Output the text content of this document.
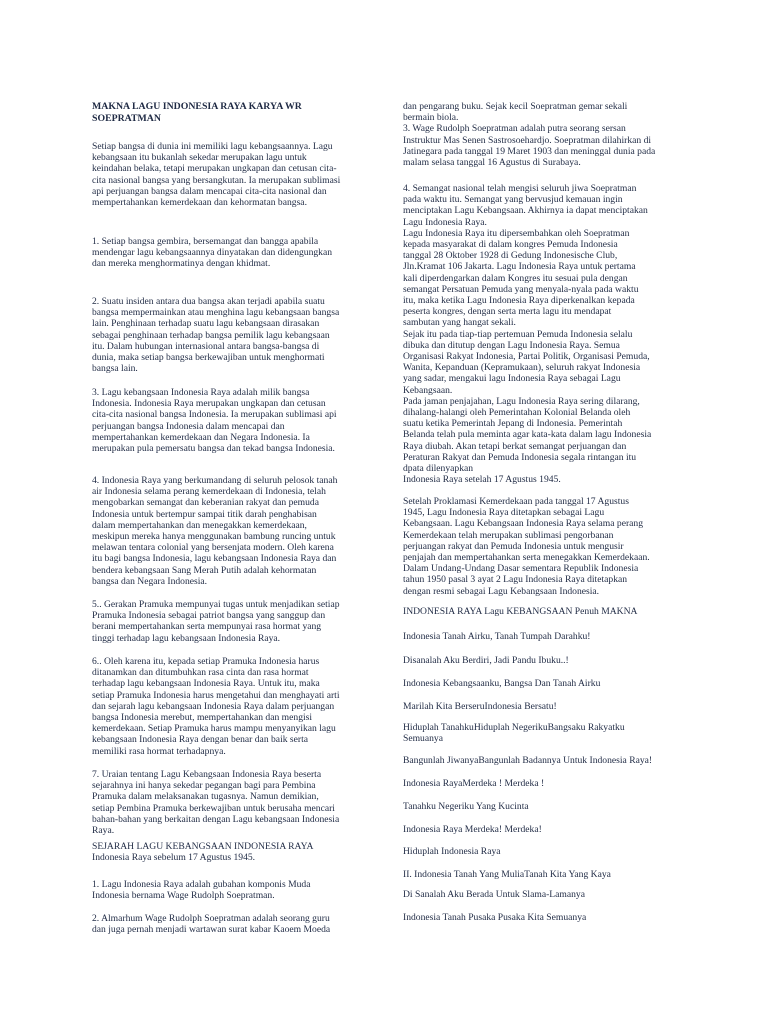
MAKNA LAGU INDONESIA RAYA KARYA WR
SOEPRATMAN

Setiap bangsa di dunia ini memiliki lagu kebangsaannya. Lagu
kebangsaan itu bukanlah sekedar merupakan lagu untuk
keindahan belaka, tetapi merupakan ungkapan dan cetusan cita-
cita nasional bangsa yang bersangkutan. Ia merupakan sublimasi
api perjuangan bangsa dalam mencapai cita-cita nasional dan
mempertahankan kemerdekaan dan kehormatan bangsa.

1. Setiap bangsa gembira, bersemangat dan bangga apabila
mendengar lagu kebangsaannya dinyatakan dan didengungkan
dan mereka menghormatinya dengan khidmat.

2. Suatu insiden antara dua bangsa akan terjadi apabila suatu
bangsa mempermainkan atau menghina lagu kebangsaan bangsa
lain. Penghinaan terhadap suatu lagu kebangsaan dirasakan
sebagai penghinaan terhadap bangsa pemilik lagu kebangsaan
itu. Dalam hubungan internasional antara bangsa-bangsa di
dunia, maka setiap bangsa berkewajiban untuk menghormati
bangsa lain.

3. Lagu kebangsaan Indonesia Raya adalah milik bangsa
Indonesia. Indonesia Raya merupakan ungkapan dan cetusan
cita-cita nasional bangsa Indonesia. Ia merupakan sublimasi api
perjuangan bangsa Indonesia dalam mencapai dan
mempertahankan kemerdekaan dan Negara Indonesia. Ia
merupakan pula pemersatu bangsa dan tekad bangsa Indonesia.

4. Indonesia Raya yang berkumandang di seluruh pelosok tanah
air Indonesia selama perang kemerdekaan di Indonesia, telah
mengobarkan semangat dan keberanian rakyat dan pemuda
Indonesia untuk bertempur sampai titik darah penghabisan
dalam mempertahankan dan menegakkan kemerdekaan,
meskipun mereka hanya menggunakan bambung runcing untuk
melawan tentara colonial yang bersenjata modern. Oleh karena
itu bagi bangsa Indonesia, lagu kebangsaan Indonesia Raya dan
bendera kebangsaan Sang Merah Putih adalah kehormatan
bangsa dan Negara Indonesia.

5.. Gerakan Pramuka mempunyai tugas untuk menjadikan setiap
Pramuka Indonesia sebagai patriot bangsa yang sanggup dan
berani mempertahankan serta mempunyai rasa hormat yang
tinggi terhadap lagu kebangsaan Indonesia Raya.

6.. Oleh karena itu, kepada setiap Pramuka Indonesia harus
ditanamkan dan ditumbuhkan rasa cinta dan rasa hormat
terhadap lagu kebangsaan Indonesia Raya. Untuk itu, maka
setiap Pramuka Indonesia harus mengetahui dan menghayati arti
dan sejarah lagu kebangsaan Indonesia Raya dalam perjuangan
bangsa Indonesia merebut, mempertahankan dan mengisi
kemerdekaan. Setiap Pramuka harus mampu menyanyikan lagu
kebangsaan Indonesia Raya dengan benar dan baik serta
memiliki rasa hormat terhadapnya.

7. Uraian tentang Lagu Kebangsaan Indonesia Raya beserta
sejarahnya ini hanya sekedar pegangan bagi para Pembina
Pramuka dalam melaksanakan tugasnya. Namun demikian,
setiap Pembina Pramuka berkewajiban untuk berusaha mencari
bahan-bahan yang berkaitan dengan Lagu kebangsaan Indonesia
Raya.

SEJARAH LAGU KEBANGSAAN INDONESIA RAYA
Indonesia Raya sebelum 17 Agustus 1945.

1. Lagu Indonesia Raya adalah gubahan komponis Muda
Indonesia bernama Wage Rudolph Soepratman.

2. Almarhum Wage Rudolph Soepratman adalah seorang guru
dan juga pernah menjadi wartawan surat kabar Kaoem Moeda

dan pengarang buku. Sejak kecil Soepratman gemar sekali
bermain biola.
3. Wage Rudolph Soepratman adalah putra seorang sersan
Instruktur Mas Senen Sastrosoehardjo. Soepratman dilahirkan di
Jatinegara pada tanggal 19 Maret 1903 dan meninggal dunia pada
malam selasa tanggal 16 Agustus di Surabaya.

4. Semangat nasional telah mengisi seluruh jiwa Soepratman
pada waktu itu. Semangat yang bervusjud kemauan ingin
menciptakan Lagu Kebangsaan. Akhirnya ia dapat menciptakan
Lagu Indonesia Raya.
Lagu Indonesia Raya itu dipersembahkan oleh Soepratman
kepada masyarakat di dalam kongres Pemuda Indonesia
tanggal 28 Oktober 1928 di Gedung Indonesische Club,
Jln.Kramat 106 Jakarta. Lagu Indonesia Raya untuk pertama
kali diperdengarkan dalam Kongres itu sesuai pula dengan
semangat Persatuan Pemuda yang menyala-nyala pada waktu
itu, maka ketika Lagu Indonesia Raya diperkenalkan kepada
peserta kongres, dengan serta merta lagu itu mendapat
sambutan yang hangat sekali.
Sejak itu pada tiap-tiap pertemuan Pemuda Indonesia selalu
dibuka dan ditutup dengan Lagu Indonesia Raya. Semua
Organisasi Rakyat Indonesia, Partai Politik, Organisasi Pemuda,
Wanita, Kepanduan (Kepramukaan), seluruh rakyat Indonesia
yang sadar, mengakui lagu Indonesia Raya sebagai Lagu
Kebangsaan.
Pada jaman penjajahan, Lagu Indonesia Raya sering dilarang,
dihalang-halangi oleh Pemerintahan Kolonial Belanda oleh
suatu ketika Pemerintah Jepang di Indonesia. Pemerintah
Belanda telah pula meminta agar kata-kata dalam lagu Indonesia
Raya diubah. Akan tetapi berkat semangat perjuangan dan
Peraturan Rakyat dan Pemuda Indonesia segala rintangan itu
dpata dilenyapkan
Indonesia Raya setelah 17 Agustus 1945.

Setelah Proklamasi Kemerdekaan pada tanggal 17 Agustus
1945, Lagu Indonesia Raya ditetapkan sebagai Lagu
Kebangsaan. Lagu Kebangsaan Indonesia Raya selama perang
Kemerdekaan telah merupakan sublimasi pengorbanan
perjuangan rakyat dan Pemuda Indonesia untuk mengusir
penjajah dan mempertahankan serta menegakkan Kemerdekaan.
Dalam Undang-Undang Dasar sementara Republik Indonesia
tahun 1950 pasal 3 ayat 2 Lagu Indonesia Raya ditetapkan
dengan resmi sebagai Lagu Kebangsaan Indonesia.

INDONESIA RAYA Lagu KEBANGSAAN Penuh MAKNA

Indonesia Tanah Airku, Tanah Tumpah Darahku!

Disanalah Aku Berdiri, Jadi Pandu Ibuku..!

Indonesia Kebangsaanku, Bangsa Dan Tanah Airku

Marilah Kita BerseruIndonesia Bersatu!

Hiduplah TanahkuHiduplah NegerikuBangsaku Rakyatku
Semuanya

Bangunlah JiwanyaBangunlah Badannya Untuk Indonesia Raya!

Indonesia RayaMerdeka ! Merdeka !

Tanahku Negeriku Yang Kucinta

Indonesia Raya Merdeka! Merdeka!

Hiduplah Indonesia Raya

II. Indonesia Tanah Yang MuliaTanah Kita Yang Kaya

Di Sanalah Aku Berada Untuk Slama-Lamanya

Indonesia Tanah Pusaka Pusaka Kita Semuanya
